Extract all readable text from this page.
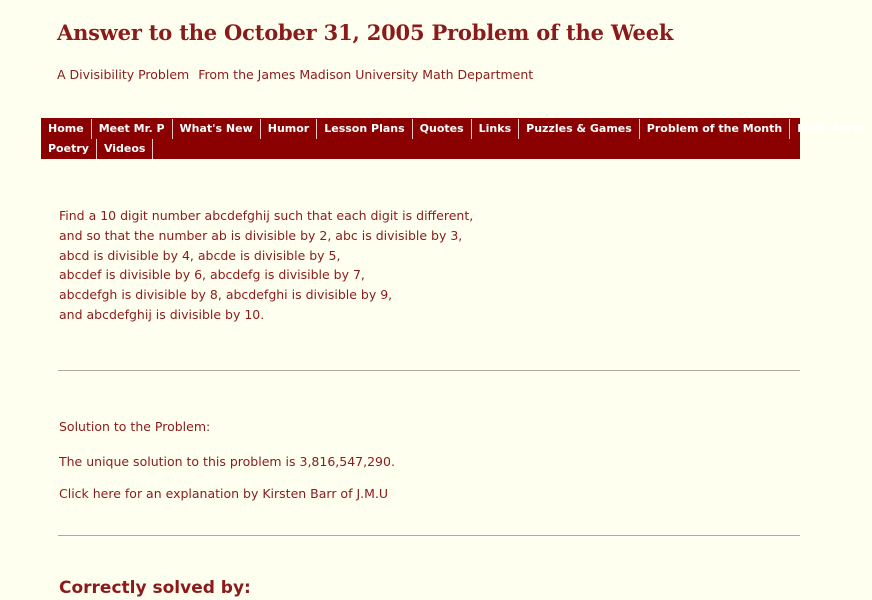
Answer to the October 31, 2005 Problem of the Week
A Divisibility Problem From the James Madison University Math Department
Home	Meet Mr. P	What's New	Humor	Lesson Plans	Quotes	Links	Puzzles & Games	Problem of the Month	Math Facts
Poetry	Videos
Find a 10 digit number abcdefghij such that each digit is different,
and so that the number ab is divisible by 2, abc is divisible by 3,
abcd is divisible by 4, abcde is divisible by 5,
abcdef is divisible by 6, abcdefg is divisible by 7,
abcdefgh is divisible by 8, abcdefghi is divisible by 9,
and abcdefghij is divisible by 10.
Solution to the Problem:
The unique solution to this problem is 3,816,547,290.
Click here for an explanation by Kirsten Barr of J.M.U
Correctly solved by:
